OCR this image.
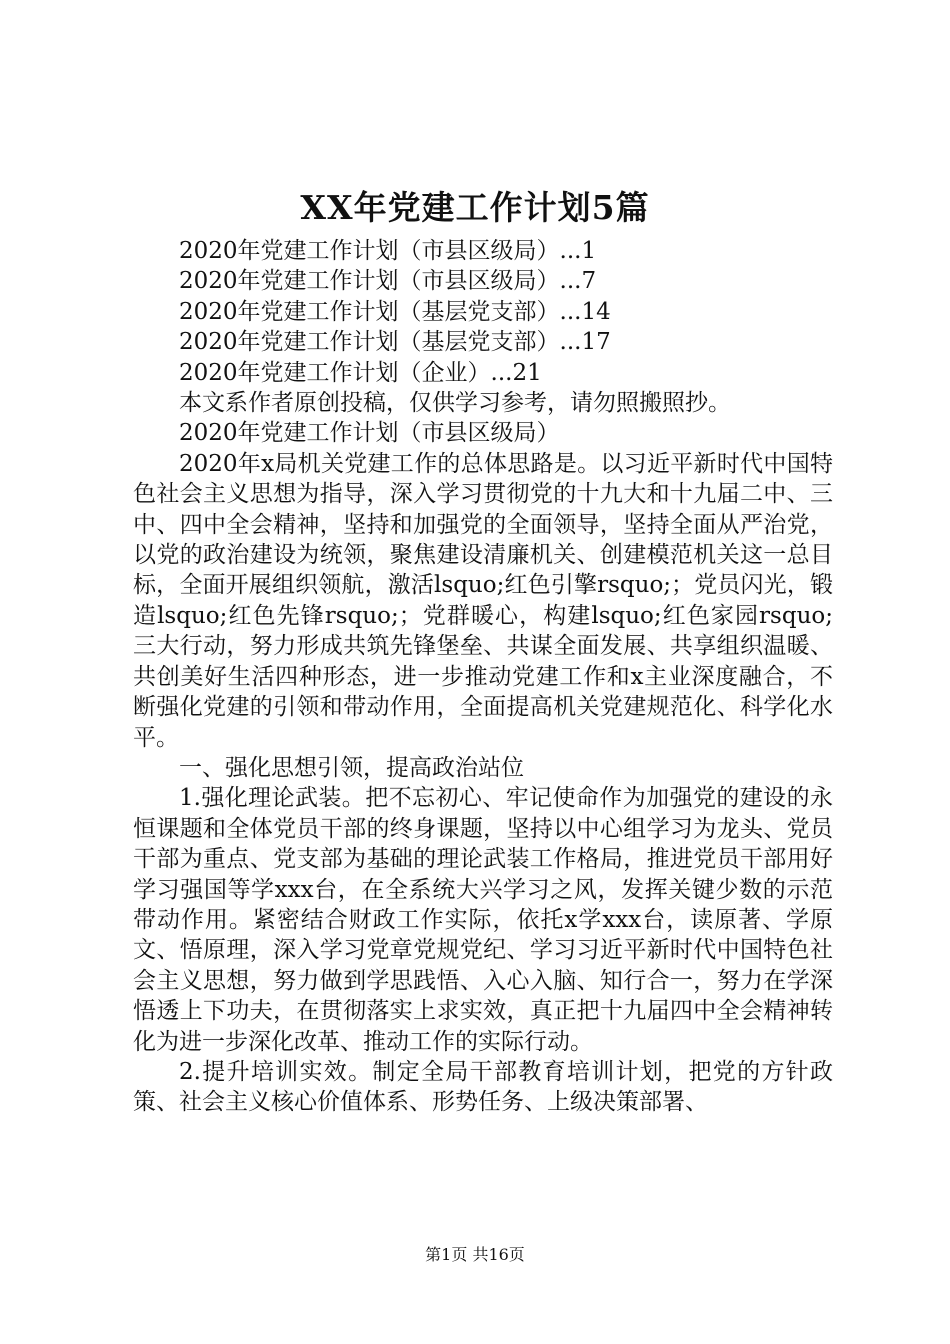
XX年党建工作计划5篇

2020年党建工作计划（市县区级局）...1

2020年党建工作计划（市县区级局）...7

2020年党建工作计划（基层党支部）...14

2020年党建工作计划（基层党支部）...17

2020年党建工作计划（企业）...21

本文系作者原创投稿，仅供学习参考，请勿照搬照抄。

2020年党建工作计划（市县区级局）

2020年x局机关党建工作的总体思路是。以习近平新时代中国特色社会主义思想为指导，深入学习贯彻党的十九大和十九届二中、三中、四中全会精神，坚持和加强党的全面领导，坚持全面从严治党，以党的政治建设为统领，聚焦建设清廉机关、创建模范机关这一总目标，全面开展组织领航，激活lsquo;红色引擎rsquo;；党员闪光，锻造lsquo;红色先锋rsquo;；党群暖心，构建lsquo;红色家园rsquo;三大行动，努力形成共筑先锋堡垒、共谋全面发展、共享组织温暖、共创美好生活四种形态，进一步推动党建工作和x主业深度融合，不断强化党建的引领和带动作用，全面提高机关党建规范化、科学化水平。

一、强化思想引领，提高政治站位

1.强化理论武装。把不忘初心、牢记使命作为加强党的建设的永恒课题和全体党员干部的终身课题，坚持以中心组学习为龙头、党员干部为重点、党支部为基础的理论武装工作格局，推进党员干部用好学习强国等学xxx台，在全系统大兴学习之风，发挥关键少数的示范带动作用。紧密结合财政工作实际，依托x学xxx台，读原著、学原文、悟原理，深入学习党章党规党纪、学习习近平新时代中国特色社会主义思想，努力做到学思践悟、入心入脑、知行合一，努力在学深悟透上下功夫，在贯彻落实上求实效，真正把十九届四中全会精神转化为进一步深化改革、推动工作的实际行动。

2.提升培训实效。制定全局干部教育培训计划，把党的方针政策、社会主义核心价值体系、形势任务、上级决策部署、

第1页 共16页
